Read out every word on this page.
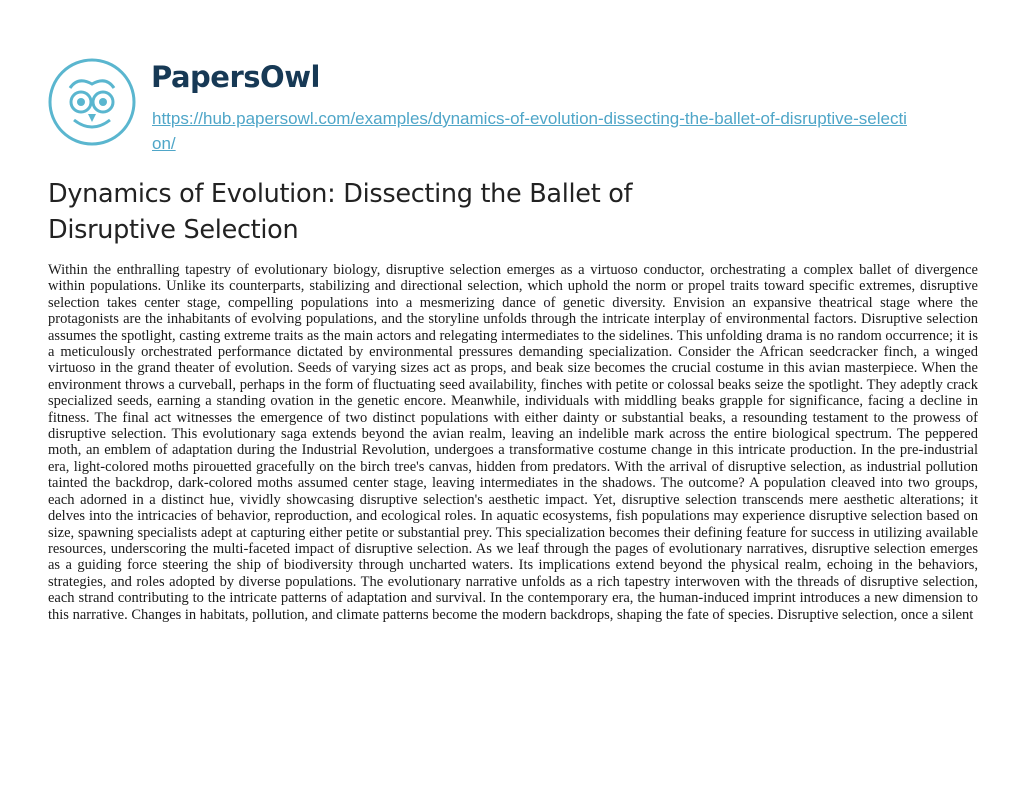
PapersOwl
https://hub.papersowl.com/examples/dynamics-of-evolution-dissecting-the-ballet-of-disruptive-selection/
Dynamics of Evolution: Dissecting the Ballet of Disruptive Selection

Within the enthralling tapestry of evolutionary biology, disruptive selection emerges as a virtuoso conductor, orchestrating a complex ballet of divergence within populations. Unlike its counterparts, stabilizing and directional selection, which uphold the norm or propel traits toward specific extremes, disruptive selection takes center stage, compelling populations into a mesmerizing dance of genetic diversity. Envision an expansive theatrical stage where the protagonists are the inhabitants of evolving populations, and the storyline unfolds through the intricate interplay of environmental factors. Disruptive selection assumes the spotlight, casting extreme traits as the main actors and relegating intermediates to the sidelines. This unfolding drama is no random occurrence; it is a meticulously orchestrated performance dictated by environmental pressures demanding specialization. Consider the African seedcracker finch, a winged virtuoso in the grand theater of evolution. Seeds of varying sizes act as props, and beak size becomes the crucial costume in this avian masterpiece. When the environment throws a curveball, perhaps in the form of fluctuating seed availability, finches with petite or colossal beaks seize the spotlight. They adeptly crack specialized seeds, earning a standing ovation in the genetic encore. Meanwhile, individuals with middling beaks grapple for significance, facing a decline in fitness. The final act witnesses the emergence of two distinct populations with either dainty or substantial beaks, a resounding testament to the prowess of disruptive selection. This evolutionary saga extends beyond the avian realm, leaving an indelible mark across the entire biological spectrum. The peppered moth, an emblem of adaptation during the Industrial Revolution, undergoes a transformative costume change in this intricate production. In the pre-industrial era, light-colored moths pirouetted gracefully on the birch tree's canvas, hidden from predators. With the arrival of disruptive selection, as industrial pollution tainted the backdrop, dark-colored moths assumed center stage, leaving intermediates in the shadows. The outcome? A population cleaved into two groups, each adorned in a distinct hue, vividly showcasing disruptive selection's aesthetic impact. Yet, disruptive selection transcends mere aesthetic alterations; it delves into the intricacies of behavior, reproduction, and ecological roles. In aquatic ecosystems, fish populations may experience disruptive selection based on size, spawning specialists adept at capturing either petite or substantial prey. This specialization becomes their defining feature for success in utilizing available resources, underscoring the multi-faceted impact of disruptive selection. As we leaf through the pages of evolutionary narratives, disruptive selection emerges as a guiding force steering the ship of biodiversity through uncharted waters. Its implications extend beyond the physical realm, echoing in the behaviors, strategies, and roles adopted by diverse populations. The evolutionary narrative unfolds as a rich tapestry interwoven with the threads of disruptive selection, each strand contributing to the intricate patterns of adaptation and survival. In the contemporary era, the human-induced imprint introduces a new dimension to this narrative. Changes in habitats, pollution, and climate patterns become the modern backdrops, shaping the fate of species. Disruptive selection, once a silent
